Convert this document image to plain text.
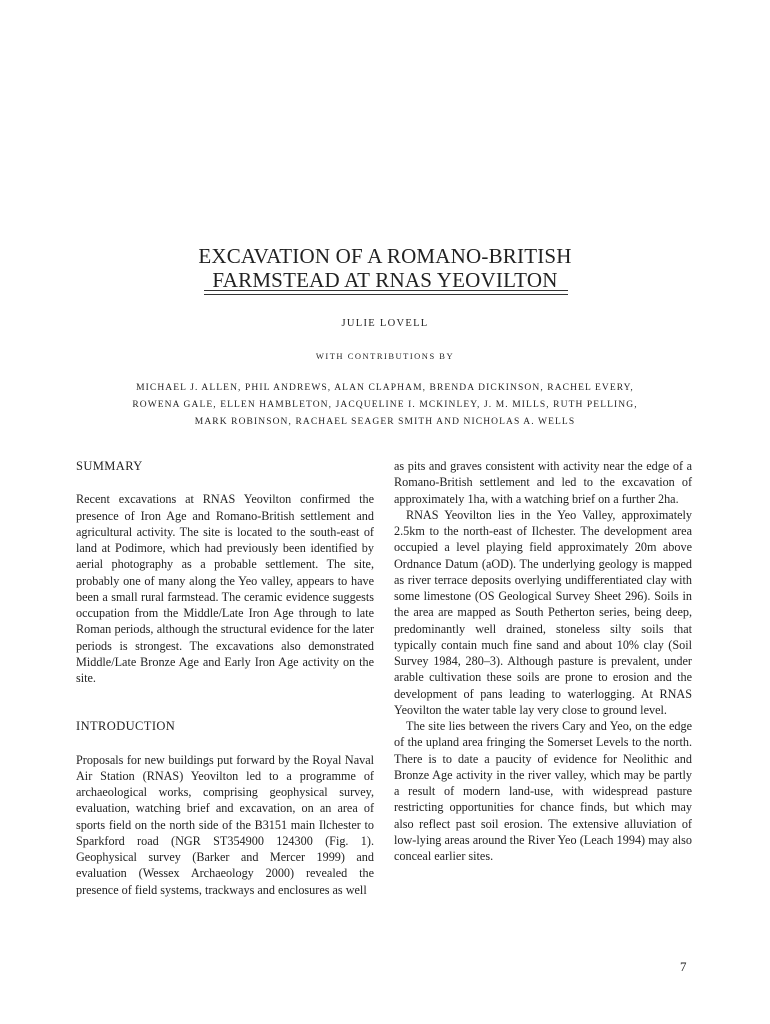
EXCAVATION OF A ROMANO-BRITISH
FARMSTEAD AT RNAS YEOVILTON
JULIE LOVELL
WITH CONTRIBUTIONS BY
MICHAEL J. ALLEN, PHIL ANDREWS, ALAN CLAPHAM, BRENDA DICKINSON, RACHEL EVERY,
ROWENA GALE, ELLEN HAMBLETON, JACQUELINE I. MCKINLEY, J. M. MILLS, RUTH PELLING,
MARK ROBINSON, RACHAEL SEAGER SMITH AND NICHOLAS A. WELLS

SUMMARY

Recent excavations at RNAS Yeovilton confirmed the presence of Iron Age and Romano-British settlement and agricultural activity. The site is located to the south-east of land at Podimore, which had previously been identified by aerial photography as a probable settlement. The site, probably one of many along the Yeo valley, appears to have been a small rural farmstead. The ceramic evidence suggests occupation from the Middle/Late Iron Age through to late Roman periods, although the structural evidence for the later periods is strongest. The excavations also demonstrated Middle/Late Bronze Age and Early Iron Age activity on the site.

INTRODUCTION

Proposals for new buildings put forward by the Royal Naval Air Station (RNAS) Yeovilton led to a programme of archaeological works, comprising geophysical survey, evaluation, watching brief and excavation, on an area of sports field on the north side of the B3151 main Ilchester to Sparkford road (NGR ST354900 124300 (Fig. 1). Geophysical survey (Barker and Mercer 1999) and evaluation (Wessex Archaeology 2000) revealed the presence of field systems, trackways and enclosures as well

as pits and graves consistent with activity near the edge of a Romano-British settlement and led to the excavation of approximately 1ha, with a watching brief on a further 2ha.

RNAS Yeovilton lies in the Yeo Valley, approximately 2.5km to the north-east of Ilchester. The development area occupied a level playing field approximately 20m above Ordnance Datum (aOD). The underlying geology is mapped as river terrace deposits overlying undifferentiated clay with some limestone (OS Geological Survey Sheet 296). Soils in the area are mapped as South Petherton series, being deep, predominantly well drained, stoneless silty soils that typically contain much fine sand and about 10% clay (Soil Survey 1984, 280–3). Although pasture is prevalent, under arable cultivation these soils are prone to erosion and the development of pans leading to waterlogging. At RNAS Yeovilton the water table lay very close to ground level.

The site lies between the rivers Cary and Yeo, on the edge of the upland area fringing the Somerset Levels to the north. There is to date a paucity of evidence for Neolithic and Bronze Age activity in the river valley, which may be partly a result of modern land-use, with widespread pasture restricting opportunities for chance finds, but which may also reflect past soil erosion. The extensive alluviation of low-lying areas around the River Yeo (Leach 1994) may also conceal earlier sites.

7
